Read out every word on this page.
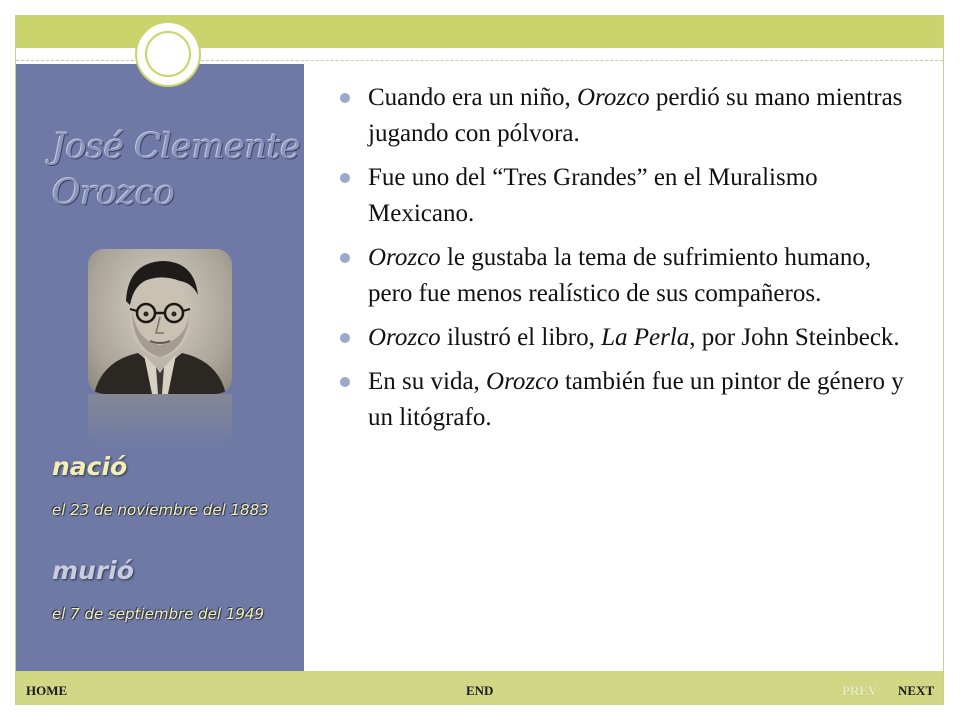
José Clemente
Orozco
nació
el 23 de noviembre del 1883
murió
el 7 de septiembre del 1949
Cuando era un niño, Orozco perdió su mano mientras jugando con pólvora.
Fue uno del “Tres Grandes” en el Muralismo Mexicano.
Orozco le gustaba la tema de sufrimiento humano, pero fue menos realístico de sus compañeros.
Orozco ilustró el libro, La Perla, por John Steinbeck.
En su vida, Orozco también fue un pintor de género y un litógrafo.
HOME	END	PREV NEXT
